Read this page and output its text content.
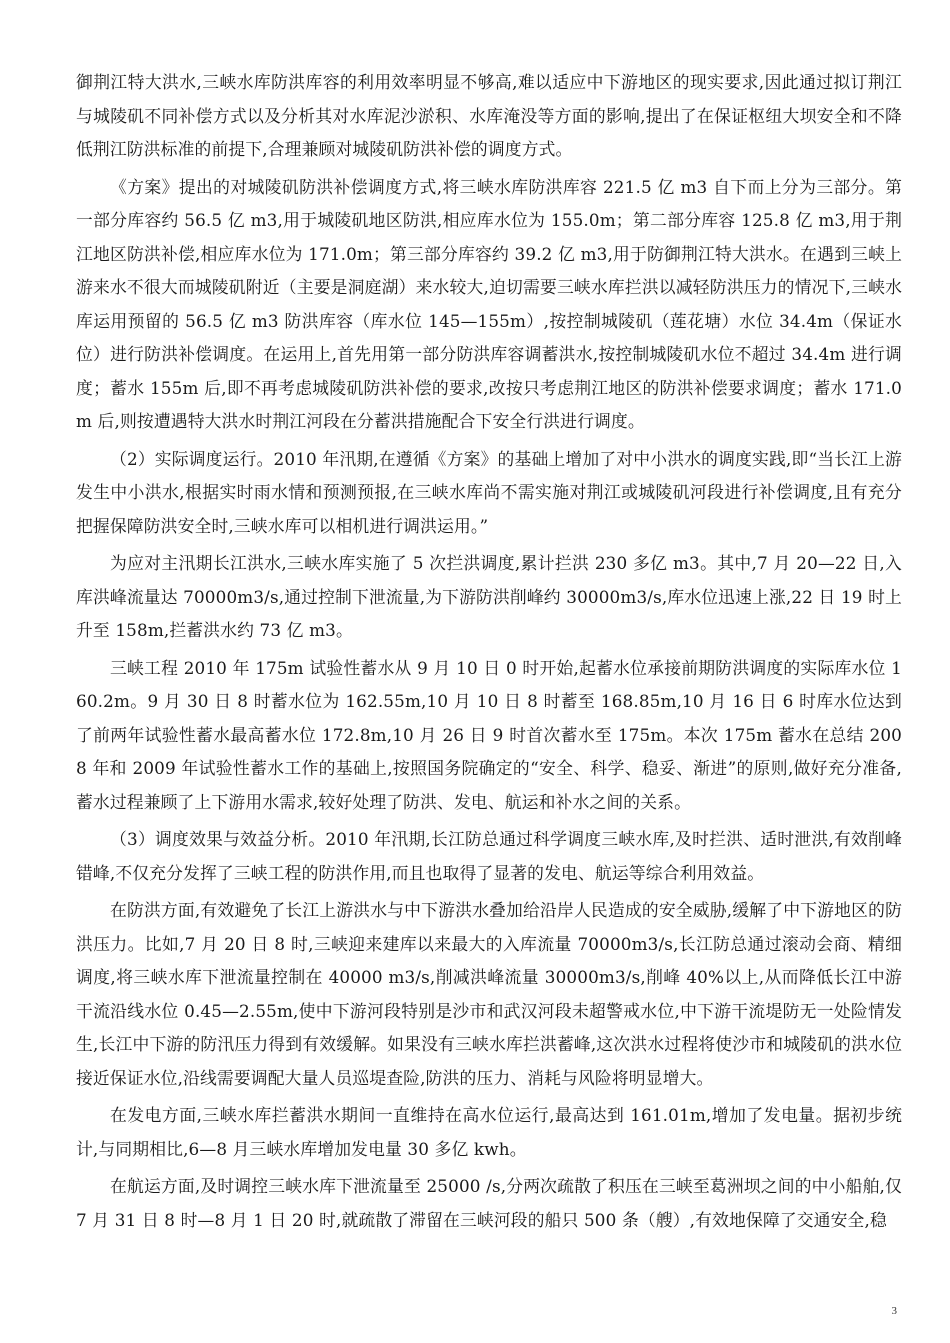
御荆江特大洪水,三峡水库防洪库容的利用效率明显不够高,难以适应中下游地区的现实要求,因此通过拟订荆江与城陵矶不同补偿方式以及分析其对水库泥沙淤积、水库淹没等方面的影响,提出了在保证枢纽大坝安全和不降低荆江防洪标准的前提下,合理兼顾对城陵矶防洪补偿的调度方式。

《方案》提出的对城陵矶防洪补偿调度方式,将三峡水库防洪库容 221.5 亿 m3 自下而上分为三部分。第一部分库容约 56.5 亿 m3,用于城陵矶地区防洪,相应库水位为 155.0m；第二部分库容 125.8 亿 m3,用于荆江地区防洪补偿,相应库水位为 171.0m；第三部分库容约 39.2 亿 m3,用于防御荆江特大洪水。在遇到三峡上游来水不很大而城陵矶附近（主要是洞庭湖）来水较大,迫切需要三峡水库拦洪以减轻防洪压力的情况下,三峡水库运用预留的 56.5 亿 m3 防洪库容（库水位 145—155m）,按控制城陵矶（莲花塘）水位 34.4m（保证水位）进行防洪补偿调度。在运用上,首先用第一部分防洪库容调蓄洪水,按控制城陵矶水位不超过 34.4m 进行调度；蓄水 155m 后,即不再考虑城陵矶防洪补偿的要求,改按只考虑荆江地区的防洪补偿要求调度；蓄水 171.0m 后,则按遭遇特大洪水时荆江河段在分蓄洪措施配合下安全行洪进行调度。

（2）实际调度运行。2010 年汛期,在遵循《方案》的基础上增加了对中小洪水的调度实践,即“当长江上游发生中小洪水,根据实时雨水情和预测预报,在三峡水库尚不需实施对荆江或城陵矶河段进行补偿调度,且有充分把握保障防洪安全时,三峡水库可以相机进行调洪运用。”

为应对主汛期长江洪水,三峡水库实施了 5 次拦洪调度,累计拦洪 230 多亿 m3。其中,7 月 20—22 日,入库洪峰流量达 70000m3/s,通过控制下泄流量,为下游防洪削峰约 30000m3/s,库水位迅速上涨,22 日 19 时上升至 158m,拦蓄洪水约 73 亿 m3。

三峡工程 2010 年 175m 试验性蓄水从 9 月 10 日 0 时开始,起蓄水位承接前期防洪调度的实际库水位 160.2m。9 月 30 日 8 时蓄水位为 162.55m,10 月 10 日 8 时蓄至 168.85m,10 月 16 日 6 时库水位达到了前两年试验性蓄水最高蓄水位 172.8m,10 月 26 日 9 时首次蓄水至 175m。本次 175m 蓄水在总结 2008 年和 2009 年试验性蓄水工作的基础上,按照国务院确定的“安全、科学、稳妥、渐进”的原则,做好充分准备,蓄水过程兼顾了上下游用水需求,较好处理了防洪、发电、航运和补水之间的关系。

（3）调度效果与效益分析。2010 年汛期,长江防总通过科学调度三峡水库,及时拦洪、适时泄洪,有效削峰错峰,不仅充分发挥了三峡工程的防洪作用,而且也取得了显著的发电、航运等综合利用效益。

在防洪方面,有效避免了长江上游洪水与中下游洪水叠加给沿岸人民造成的安全威胁,缓解了中下游地区的防洪压力。比如,7 月 20 日 8 时,三峡迎来建库以来最大的入库流量 70000m3/s,长江防总通过滚动会商、精细调度,将三峡水库下泄流量控制在 40000 m3/s,削减洪峰流量 30000m3/s,削峰 40%以上,从而降低长江中游干流沿线水位 0.45—2.55m,使中下游河段特别是沙市和武汉河段未超警戒水位,中下游干流堤防无一处险情发生,长江中下游的防汛压力得到有效缓解。如果没有三峡水库拦洪蓄峰,这次洪水过程将使沙市和城陵矶的洪水位接近保证水位,沿线需要调配大量人员巡堤查险,防洪的压力、消耗与风险将明显增大。

在发电方面,三峡水库拦蓄洪水期间一直维持在高水位运行,最高达到 161.01m,增加了发电量。据初步统计,与同期相比,6—8 月三峡水库增加发电量 30 多亿 kwh。

在航运方面,及时调控三峡水库下泄流量至 25000 /s,分两次疏散了积压在三峡至葛洲坝之间的中小船舶,仅 7 月 31 日 8 时—8 月 1 日 20 时,就疏散了滞留在三峡河段的船只 500 条（艘）,有效地保障了交通安全,稳

3
